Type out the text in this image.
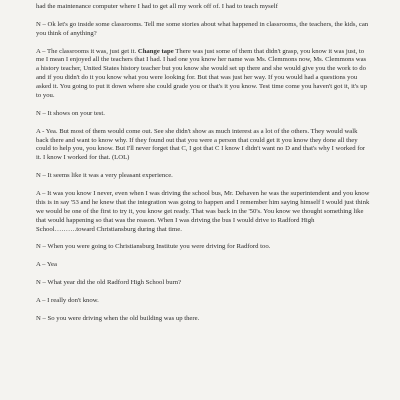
had the maintenance computer where I had to get all my work off of. I had to teach myself

N – Ok let's go inside some classrooms. Tell me some stories about what happened in classrooms, the teachers, the kids, can you think of anything?

A – The classrooms it was, just get it. Change tape There was just some of them that didn't grasp, you know it was just, to me I mean I enjoyed all the teachers that I had. I had one you know her name was Ms. Clemmons now, Ms. Clemmons was a history teacher, United States history teacher but you know she would set up there and she would give you the work to do and if you didn't do it you know what you were looking for. But that was just her way. If you would had a questions you asked it. You going to put it down where she could grade you or that's it you know. Test time come you haven't got it, it's up to you.

N – It shows on your test.

A - Yea. But most of them would come out. See she didn't show as much interest as a lot of the others. They would walk back there and want to know why. If they found out that you were a person that could get it you know they done all they could to help you, you know. But I'll never forget that C, I got that C I know I didn't want no D and that's why I worked for it. I know I worked for that. (LOL)

N – It seems like it was a very pleasant experience.

A – It was you know I never, even when I was driving the school bus, Mr. Dehaven he was the superintendent and you know this is in say '53 and he knew that the integration was going to happen and I remember him saying himself I would just think we would be one of the first to try it, you know get ready. That was back in the '50's. You know we thought something like that would happening so that was the reason. When I was driving the bus I would drive to Radford High School……….toward Christiansburg during that time.

N – When you were going to Christiansburg Institute you were driving for Radford too.

A – Yea

N – What year did the old Radford High School burn?

A – I really don't know.

N – So you were driving when the old building was up there.
